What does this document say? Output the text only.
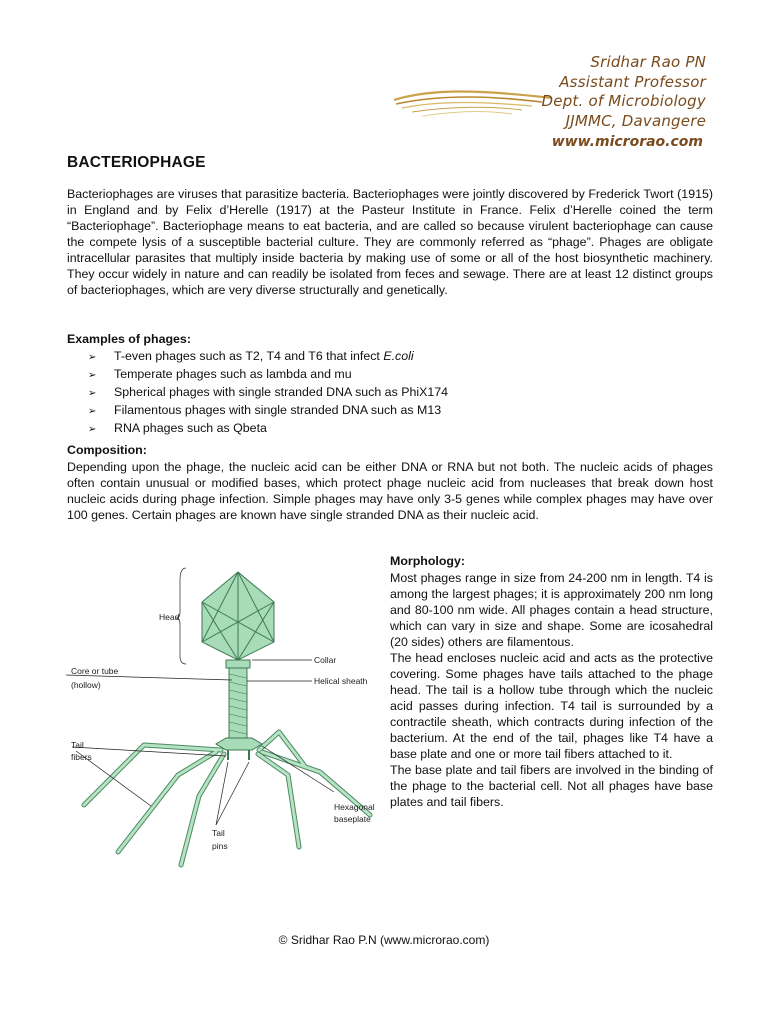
Sridhar Rao PN
Assistant Professor
Dept. of Microbiology
JJMMC, Davangere
www.microrao.com
BACTERIOPHAGE

Bacteriophages are viruses that parasitize bacteria. Bacteriophages were jointly discovered by Frederick Twort (1915) in England and by Felix d’Herelle (1917) at the Pasteur Institute in France. Felix d’Herelle coined the term “Bacteriophage”. Bacteriophage means to eat bacteria, and are called so because virulent bacteriophage can cause the compete lysis of a susceptible bacterial culture. They are commonly referred as “phage”. Phages are obligate intracellular parasites that multiply inside bacteria by making use of some or all of the host biosynthetic machinery. They occur widely in nature and can readily be isolated from feces and sewage. There are at least 12 distinct groups of bacteriophages, which are very diverse structurally and genetically.

Examples of phages:
➢ T-even phages such as T2, T4 and T6 that infect E.coli
➢ Temperate phages such as lambda and mu
➢ Spherical phages with single stranded DNA such as PhiX174
➢ Filamentous phages with single stranded DNA such as M13
➢ RNA phages such as Qbeta
Composition:

Depending upon the phage, the nucleic acid can be either DNA or RNA but not both. The nucleic acids of phages often contain unusual or modified bases, which protect phage nucleic acid from nucleases that break down host nucleic acids during phage infection. Simple phages may have only 3-5 genes while complex phages may have over 100 genes. Certain phages are known have single stranded DNA as their nucleic acid.

Morphology:
Most phages range in size from 24-200 nm in length. T4 is among the largest phages; it is approximately 200 nm long and 80-100 nm wide. All phages contain a head structure, which can vary in size and shape. Some are icosahedral (20 sides) others are filamentous.
The head encloses nucleic acid and acts as the protective covering. Some phages have tails attached to the phage head. The tail is a hollow tube through which the nucleic acid passes during infection. T4 tail is surrounded by a contractile sheath, which contracts during infection of the bacterium. At the end of the tail, phages like T4 have a base plate and one or more tail fibers attached to it.
The base plate and tail fibers are involved in the binding of the phage to the bacterial cell. Not all phages have base plates and tail fibers.
Head
Collar
Core or tube
(hollow)	Helical sheath
Tail
fibers
Hexagonal
baseplate
Tail
pins
© Sridhar Rao P.N (www.microrao.com)
